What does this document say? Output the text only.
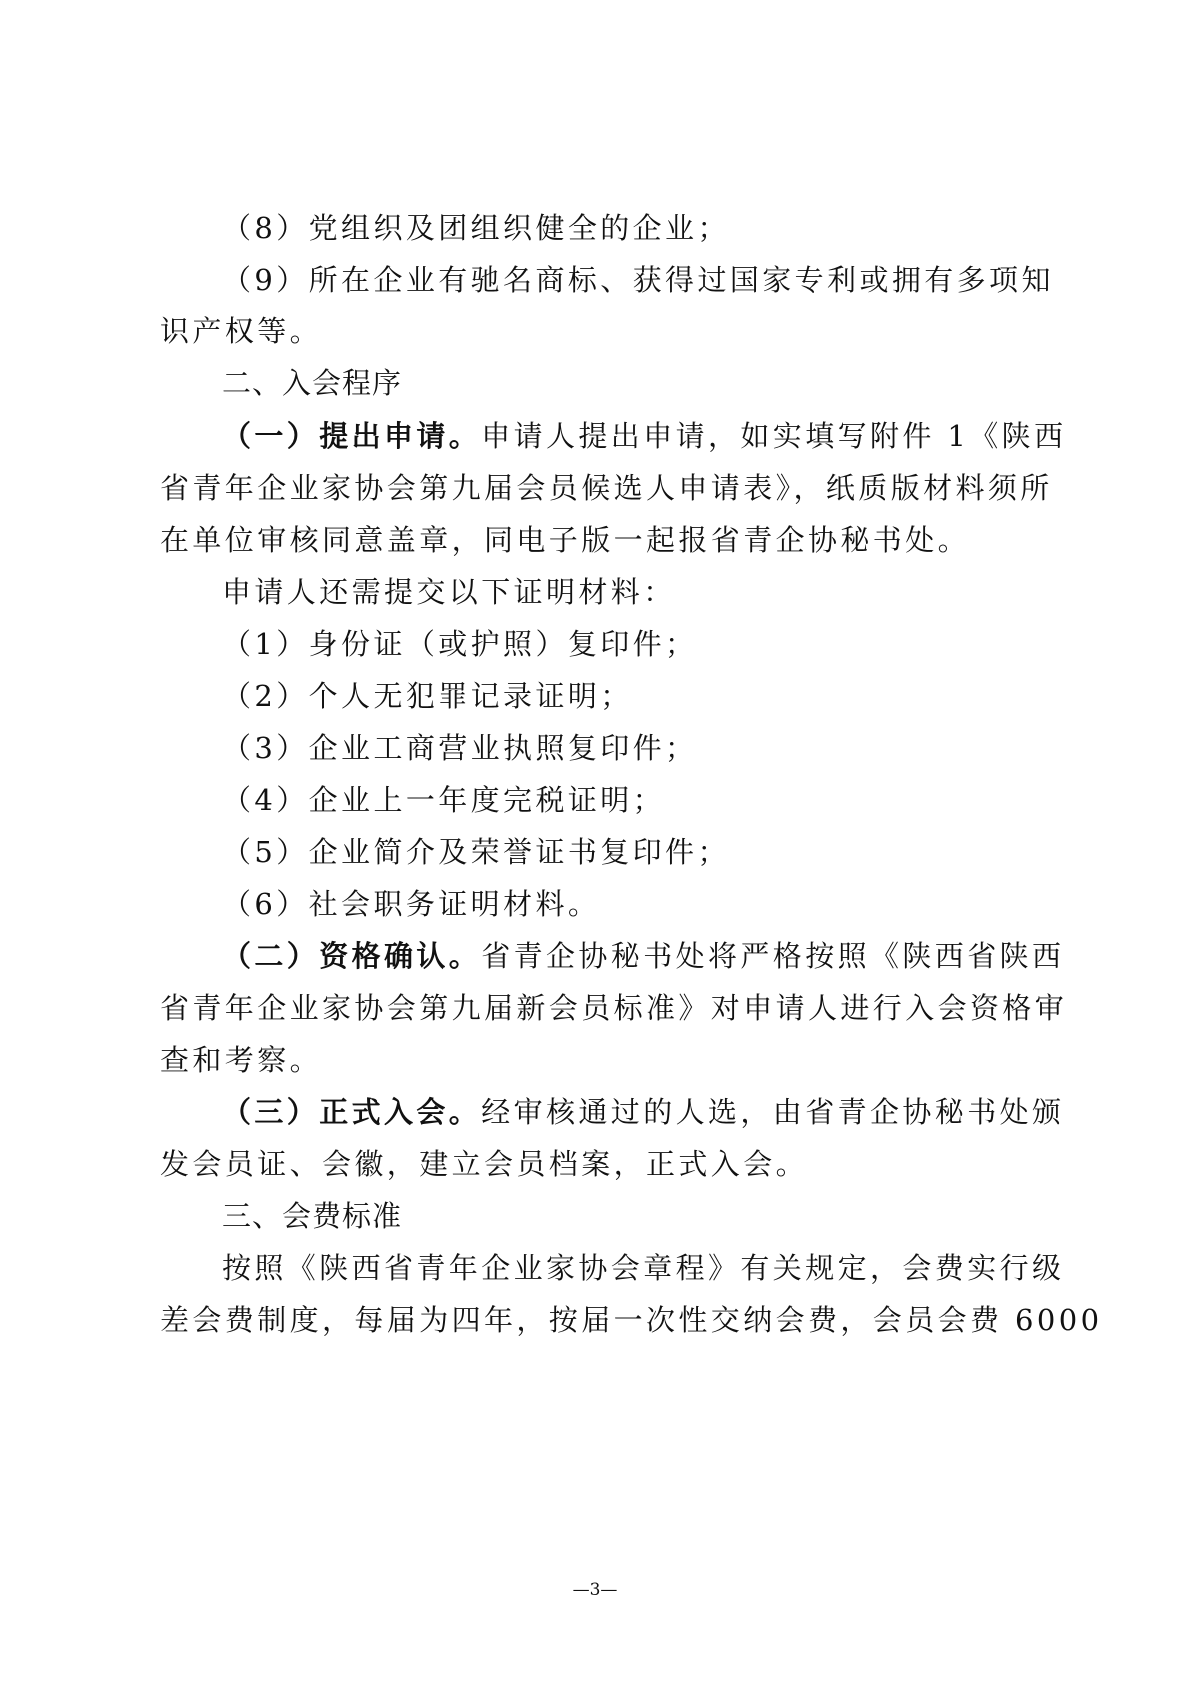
（8）党组织及团组织健全的企业；
（9）所在企业有驰名商标、获得过国家专利或拥有多项知
识产权等。
二、入会程序
（一）提出申请。申请人提出申请，如实填写附件 1《陕西
省青年企业家协会第九届会员候选人申请表》，纸质版材料须所
在单位审核同意盖章，同电子版一起报省青企协秘书处。
申请人还需提交以下证明材料：
（1）身份证（或护照）复印件；
（2）个人无犯罪记录证明；
（3）企业工商营业执照复印件；
（4）企业上一年度完税证明；
（5）企业简介及荣誉证书复印件；
（6）社会职务证明材料。
（二）资格确认。省青企协秘书处将严格按照《陕西省陕西
省青年企业家协会第九届新会员标准》对申请人进行入会资格审
查和考察。
（三）正式入会。经审核通过的人选，由省青企协秘书处颁
发会员证、会徽，建立会员档案，正式入会。
三、会费标准
按照《陕西省青年企业家协会章程》有关规定，会费实行级
差会费制度，每届为四年，按届一次性交纳会费，会员会费 6000
—3—
